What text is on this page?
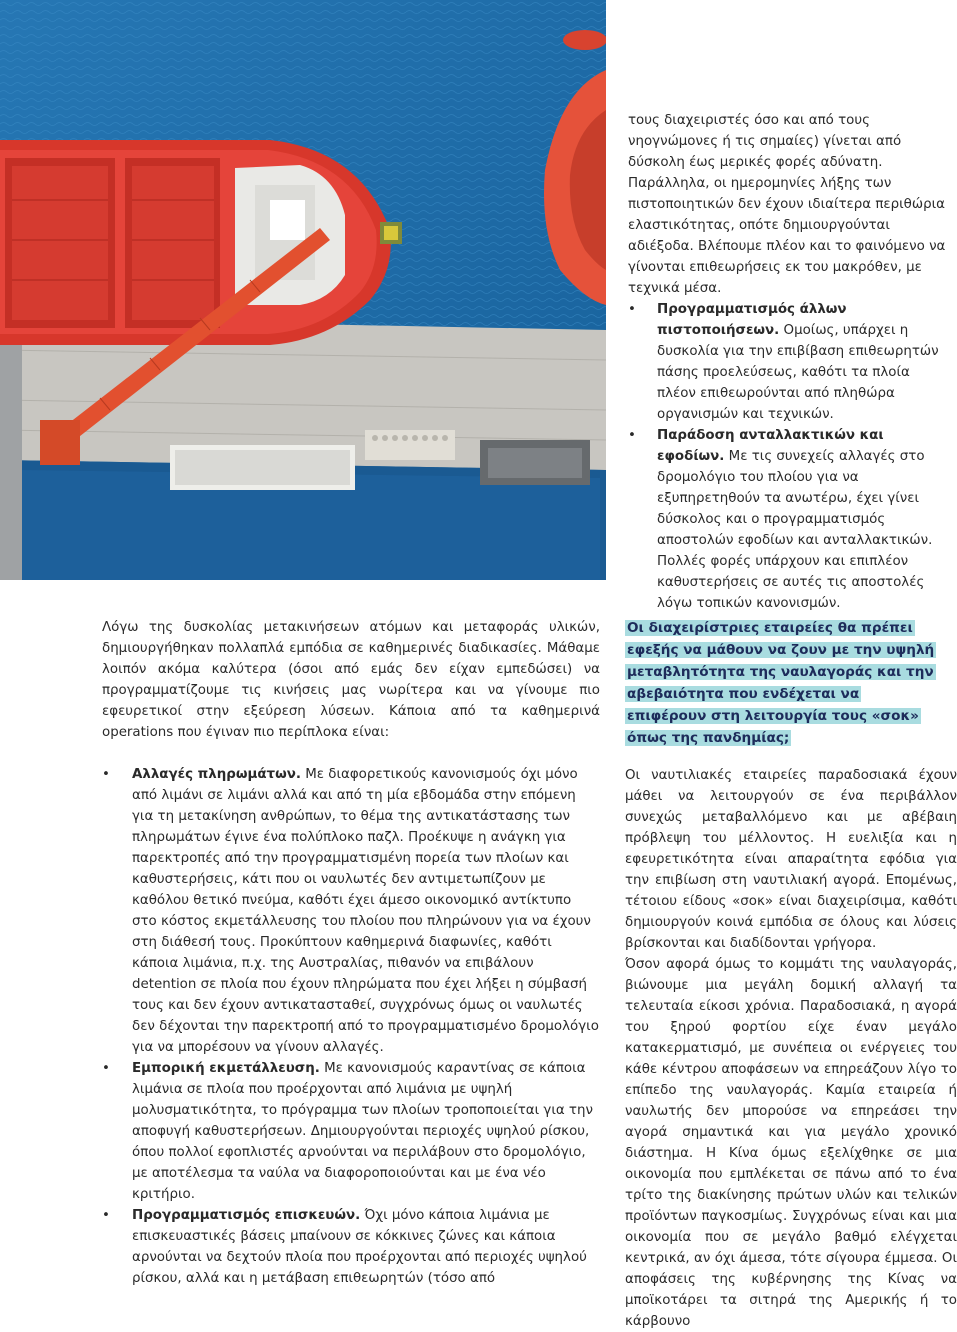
τους διαχειριστές όσο και από τους νηογνώμονες ή τις σημαίες) γίνεται από δύσκολη έως μερικές φορές αδύνατη. Παράλληλα, οι ημερομηνίες λήξης των πιστοποιητικών δεν έχουν ιδιαίτερα περιθώρια ελαστικότητας, οπότε δημιουργούνται αδιέξοδα. Βλέπουμε πλέον και το φαινόμενο να γίνονται επιθεωρήσεις εκ του μακρόθεν, με τεχνικά μέσα.

• Προγραμματισμός άλλων πιστοποιήσεων. Ομοίως, υπάρχει η δυσκολία για την επιβίβαση επιθεωρητών πάσης προελεύσεως, καθότι τα πλοία πλέον επιθεωρούνται από πληθώρα οργανισμών και τεχνικών.
• Παράδοση ανταλλακτικών και εφοδίων. Με τις συνεχείς αλλαγές στο δρομολόγιο του πλοίου για να εξυπηρετηθούν τα ανωτέρω, έχει γίνει δύσκολος και ο προγραμματισμός αποστολών εφοδίων και ανταλλακτικών. Πολλές φορές υπάρχουν και επιπλέον καθυστερήσεις σε αυτές τις αποστολές λόγω τοπικών κανονισμών.

Λόγω της δυσκολίας μετακινήσεων ατόμων και μεταφοράς υλικών, δημιουργήθηκαν πολλαπλά εμπόδια σε καθημερινές διαδικασίες. Μάθαμε λοιπόν ακόμα καλύτερα (όσοι από εμάς δεν είχαν εμπεδώσει) να προγραμματίζουμε τις κινήσεις μας νωρίτερα και να γίνουμε πιο εφευρετικοί στην εξεύρεση λύσεων. Κάποια από τα καθημερινά operations που έγιναν πιο περίπλοκα είναι:

• Αλλαγές πληρωμάτων. Με διαφορετικούς κανονισμούς όχι μόνο από λιμάνι σε λιμάνι αλλά και από τη μία εβδομάδα στην επόμενη για τη μετακίνηση ανθρώπων, το θέμα της αντικατάστασης των πληρωμάτων έγινε ένα πολύπλοκο παζλ. Προέκυψε η ανάγκη για παρεκτροπές από την προγραμματισμένη πορεία των πλοίων και καθυστερήσεις, κάτι που οι ναυλωτές δεν αντιμετωπίζουν με καθόλου θετικό πνεύμα, καθότι έχει άμεσο οικονομικό αντίκτυπο στο κόστος εκμετάλλευσης του πλοίου που πληρώνουν για να έχουν στη διάθεσή τους. Προκύπτουν καθημερινά διαφωνίες, καθότι κάποια λιμάνια, π.χ. της Αυστραλίας, πιθανόν να επιβάλουν detention σε πλοία που έχουν πληρώματα που έχει λήξει η σύμβασή τους και δεν έχουν αντικατασταθεί, συγχρόνως όμως οι ναυλωτές δεν δέχονται την παρεκτροπή από το προγραμματισμένο δρομολόγιο για να μπορέσουν να γίνουν αλλαγές.
• Εμπορική εκμετάλλευση. Με κανονισμούς καραντίνας σε κάποια λιμάνια σε πλοία που προέρχονται από λιμάνια με υψηλή μολυσματικότητα, το πρόγραμμα των πλοίων τροποποιείται για την αποφυγή καθυστερήσεων. Δημιουργούνται περιοχές υψηλού ρίσκου, όπου πολλοί εφοπλιστές αρνούνται να περιλάβουν στο δρομολόγιο, με αποτέλεσμα τα ναύλα να διαφοροποιούνται και με ένα νέο κριτήριο.
• Προγραμματισμός επισκευών. Όχι μόνο κάποια λιμάνια με επισκευαστικές βάσεις μπαίνουν σε κόκκινες ζώνες και κάποια αρνούνται να δεχτούν πλοία που προέρχονται από περιοχές υψηλού ρίσκου, αλλά και η μετάβαση επιθεωρητών (τόσο από
Οι διαχειρίστριες εταιρείες θα πρέπει εφεξής να μάθουν να ζουν με την υψηλή μεταβλητότητα της ναυλαγοράς και την αβεβαιότητα που ενδέχεται να επιφέρουν στη λειτουργία τους «σοκ» όπως της πανδημίας;

Οι ναυτιλιακές εταιρείες παραδοσιακά έχουν μάθει να λειτουργούν σε ένα περιβάλλον συνεχώς μεταβαλλόμενο και με αβέβαιη πρόβλεψη του μέλλοντος. Η ευελιξία και η εφευρετικότητα είναι απαραίτητα εφόδια για την επιβίωση στη ναυτιλιακή αγορά. Επομένως, τέτοιου είδους «σοκ» είναι διαχειρίσιμα, καθότι δημιουργούν κοινά εμπόδια σε όλους και λύσεις βρίσκονται και διαδίδονται γρήγορα.

Όσον αφορά όμως το κομμάτι της ναυλαγοράς, βιώνουμε μια μεγάλη δομική αλλαγή τα τελευταία είκοσι χρόνια. Παραδοσιακά, η αγορά του ξηρού φορτίου είχε έναν μεγάλο κατακερματισμό, με συνέπεια οι ενέργειες του κάθε κέντρου αποφάσεων να επηρεάζουν λίγο το επίπεδο της ναυλαγοράς. Καμία εταιρεία ή ναυλωτής δεν μπορούσε να επηρεάσει την αγορά σημαντικά και για μεγάλο χρονικό διάστημα. Η Κίνα όμως εξελίχθηκε σε μια οικονομία που εμπλέκεται σε πάνω από το ένα τρίτο της διακίνησης πρώτων υλών και τελικών προϊόντων παγκοσμίως. Συγχρόνως είναι και μια οικονομία που σε μεγάλο βαθμό ελέγχεται κεντρικά, αν όχι άμεσα, τότε σίγουρα έμμεσα. Οι αποφάσεις της κυβέρνησης της Κίνας να μποϊκοτάρει τα σιτηρά της Αμερικής ή το κάρβουνο
